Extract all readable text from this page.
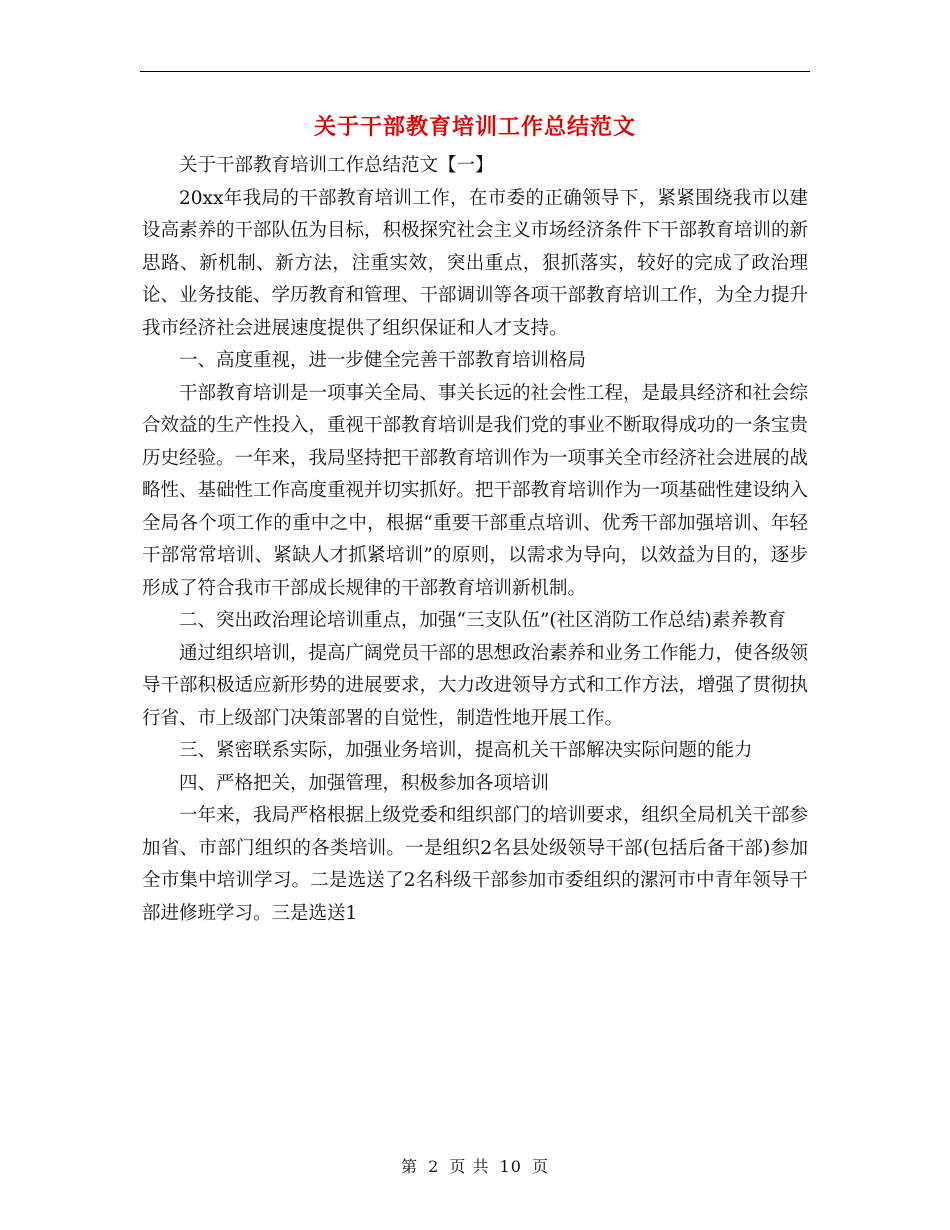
关于干部教育培训工作总结范文

关于干部教育培训工作总结范文【一】

20xx年我局的干部教育培训工作，在市委的正确领导下，紧紧围绕我市以建设高素养的干部队伍为目标，积极探究社会主义市场经济条件下干部教育培训的新思路、新机制、新方法，注重实效，突出重点，狠抓落实，较好的完成了政治理论、业务技能、学历教育和管理、干部调训等各项干部教育培训工作，为全力提升我市经济社会进展速度提供了组织保证和人才支持。

一、高度重视，进一步健全完善干部教育培训格局

干部教育培训是一项事关全局、事关长远的社会性工程，是最具经济和社会综合效益的生产性投入，重视干部教育培训是我们党的事业不断取得成功的一条宝贵历史经验。一年来，我局坚持把干部教育培训作为一项事关全市经济社会进展的战略性、基础性工作高度重视并切实抓好。把干部教育培训作为一项基础性建设纳入全局各个项工作的重中之中，根据“重要干部重点培训、优秀干部加强培训、年轻干部常常培训、紧缺人才抓紧培训”的原则，以需求为导向，以效益为目的，逐步形成了符合我市干部成长规律的干部教育培训新机制。

二、突出政治理论培训重点，加强“三支队伍”(社区消防工作总结)素养教育

通过组织培训，提高广阔党员干部的思想政治素养和业务工作能力，使各级领导干部积极适应新形势的进展要求，大力改进领导方式和工作方法，增强了贯彻执行省、市上级部门决策部署的自觉性，制造性地开展工作。

三、紧密联系实际，加强业务培训，提高机关干部解决实际问题的能力

四、严格把关，加强管理，积极参加各项培训

一年来，我局严格根据上级党委和组织部门的培训要求，组织全局机关干部参加省、市部门组织的各类培训。一是组织2名县处级领导干部(包括后备干部)参加全市集中培训学习。二是选送了2名科级干部参加市委组织的漯河市中青年领导干部进修班学习。三是选送1

第 2 页 共 10 页
